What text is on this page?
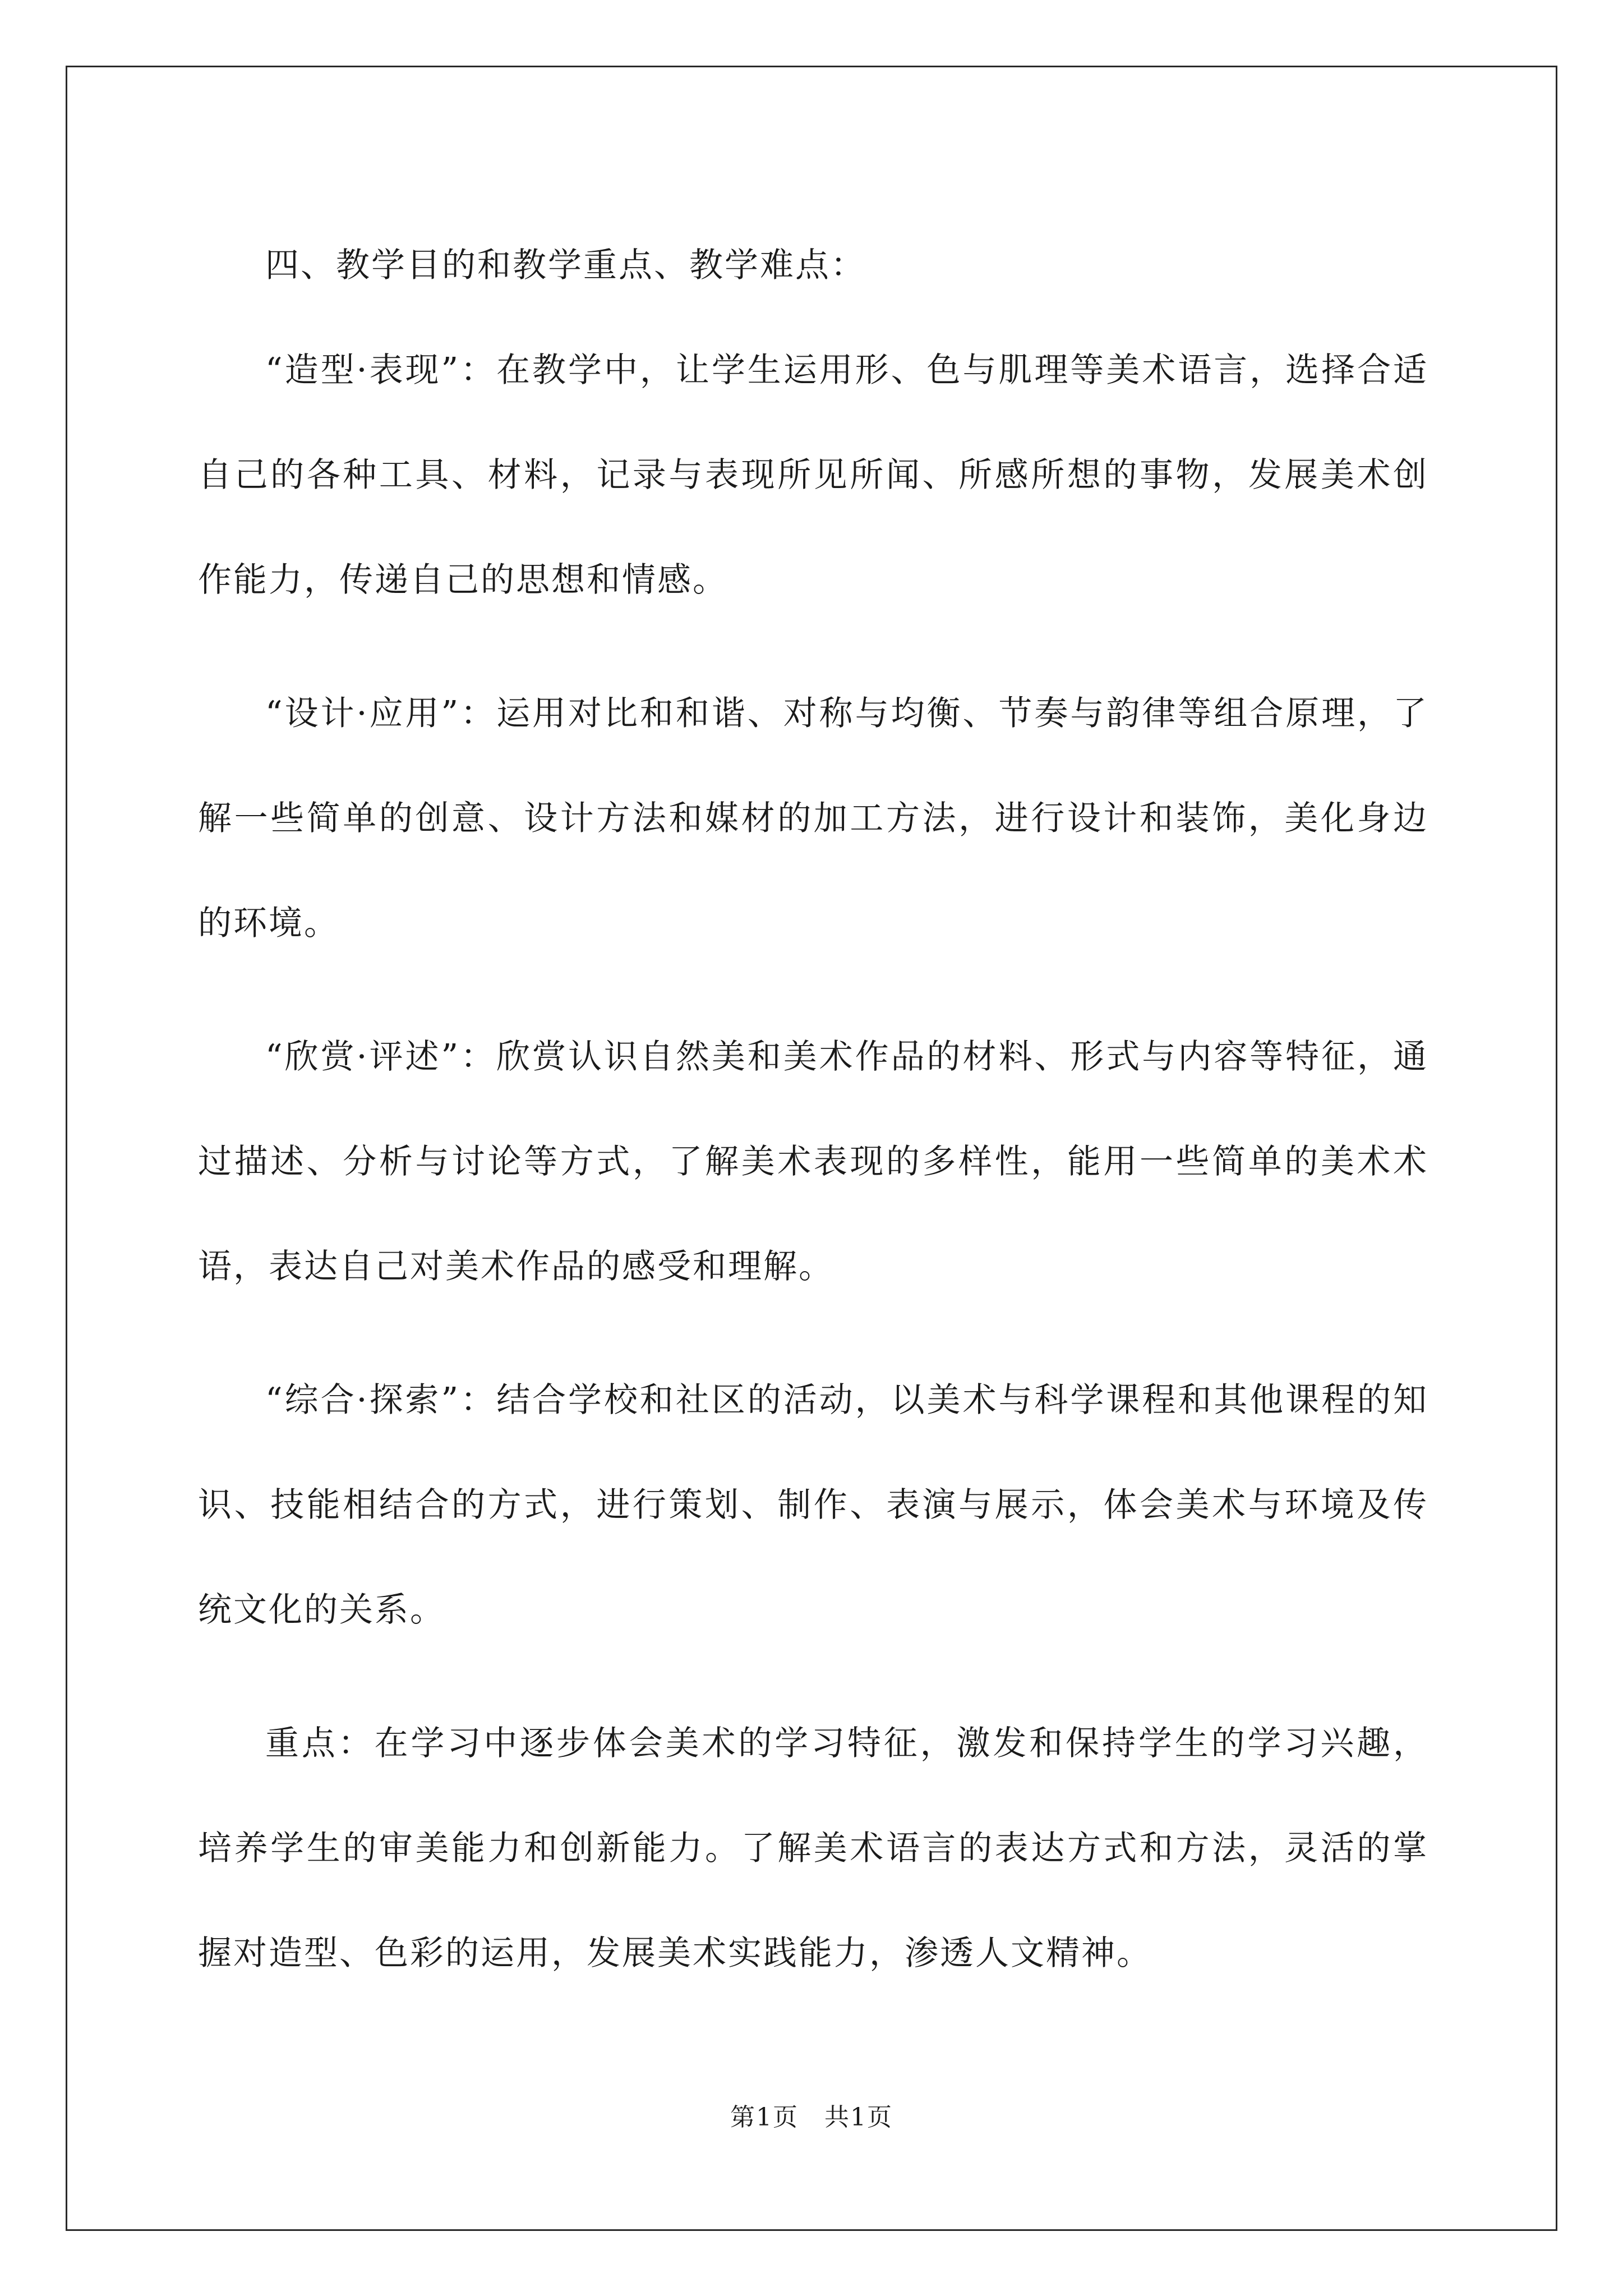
四、教学目的和教学重点、教学难点：

“造型·表现”：在教学中，让学生运用形、色与肌理等美术语言，选择合适自己的各种工具、材料，记录与表现所见所闻、所感所想的事物，发展美术创作能力，传递自己的思想和情感。

“设计·应用”：运用对比和和谐、对称与均衡、节奏与韵律等组合原理，了解一些简单的创意、设计方法和媒材的加工方法，进行设计和装饰，美化身边的环境。

“欣赏·评述”：欣赏认识自然美和美术作品的材料、形式与内容等特征，通过描述、分析与讨论等方式，了解美术表现的多样性，能用一些简单的美术术语，表达自己对美术作品的感受和理解。

“综合·探索”：结合学校和社区的活动，以美术与科学课程和其他课程的知识、技能相结合的方式，进行策划、制作、表演与展示，体会美术与环境及传统文化的关系。

重点：在学习中逐步体会美术的学习特征，激发和保持学生的学习兴趣，培养学生的审美能力和创新能力。了解美术语言的表达方式和方法，灵活的掌握对造型、色彩的运用，发展美术实践能力，渗透人文精神。

第1页　共1页
